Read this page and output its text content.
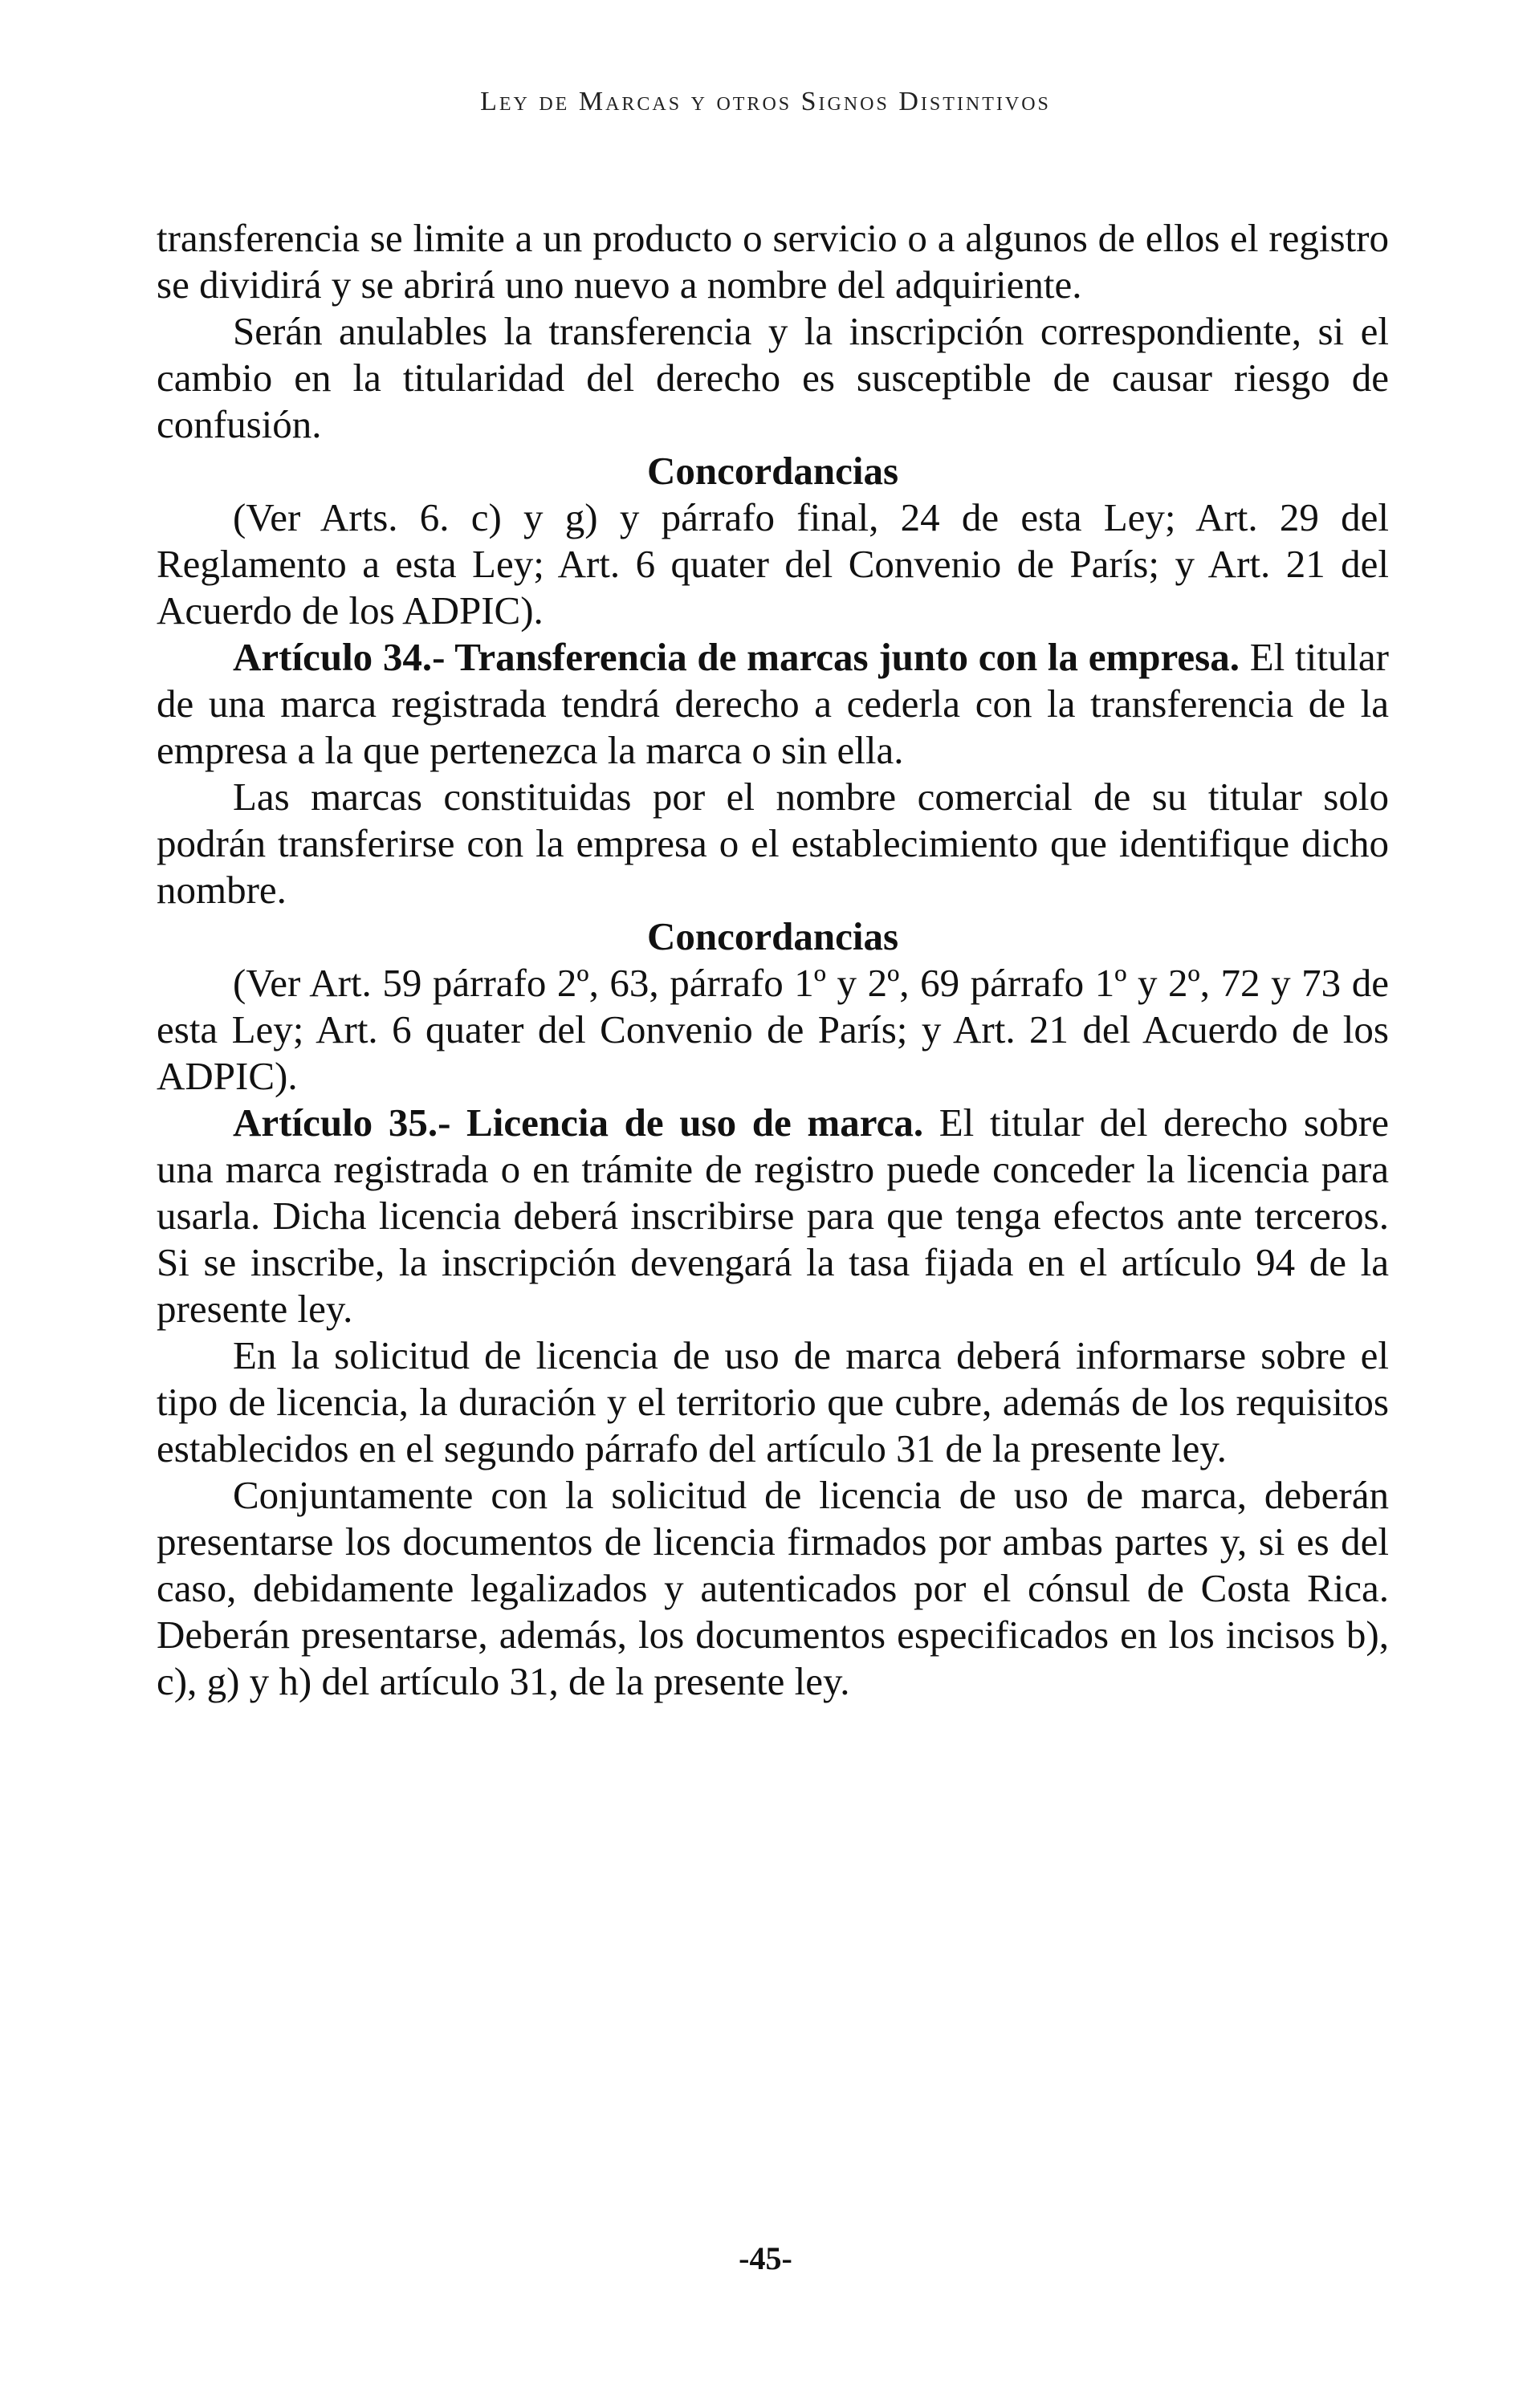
Ley de Marcas y otros Signos Distintivos

transferencia se limite a un producto o servicio o a algunos de ellos el registro se dividirá y se abrirá uno nuevo a nombre del adquiriente.

Serán anulables la transferencia y la inscripción correspondiente, si el cambio en la titularidad del derecho es susceptible de causar riesgo de confusión.

Concordancias

(Ver Arts. 6. c) y g) y párrafo final, 24 de esta Ley; Art. 29 del Reglamento a esta Ley; Art. 6 quater del Convenio de París; y Art. 21 del Acuerdo de los ADPIC).

Artículo 34.- Transferencia de marcas junto con la empresa. El titular de una marca registrada tendrá derecho a cederla con la transferencia de la empresa a la que pertenezca la marca o sin ella.

Las marcas constituidas por el nombre comercial de su titular solo podrán transferirse con la empresa o el establecimiento que identifique dicho nombre.

Concordancias

(Ver Art. 59 párrafo 2º, 63, párrafo 1º y 2º, 69 párrafo 1º y 2º, 72 y 73 de esta Ley; Art. 6 quater del Convenio de París; y Art. 21 del Acuerdo de los ADPIC).

Artículo 35.- Licencia de uso de marca. El titular del derecho sobre una marca registrada o en trámite de registro puede conceder la licencia para usarla. Dicha licencia deberá inscribirse para que tenga efectos ante terceros. Si se inscribe, la inscripción devengará la tasa fijada en el artículo 94 de la presente ley.

En la solicitud de licencia de uso de marca deberá informarse sobre el tipo de licencia, la duración y el territorio que cubre, además de los requisitos establecidos en el segundo párrafo del artículo 31 de la presente ley.

Conjuntamente con la solicitud de licencia de uso de marca, deberán presentarse los documentos de licencia firmados por ambas partes y, si es del caso, debidamente legalizados y autenticados por el cónsul de Costa Rica. Deberán presentarse, además, los documentos especificados en los incisos b), c), g) y h) del artículo 31, de la presente ley.

-45-
